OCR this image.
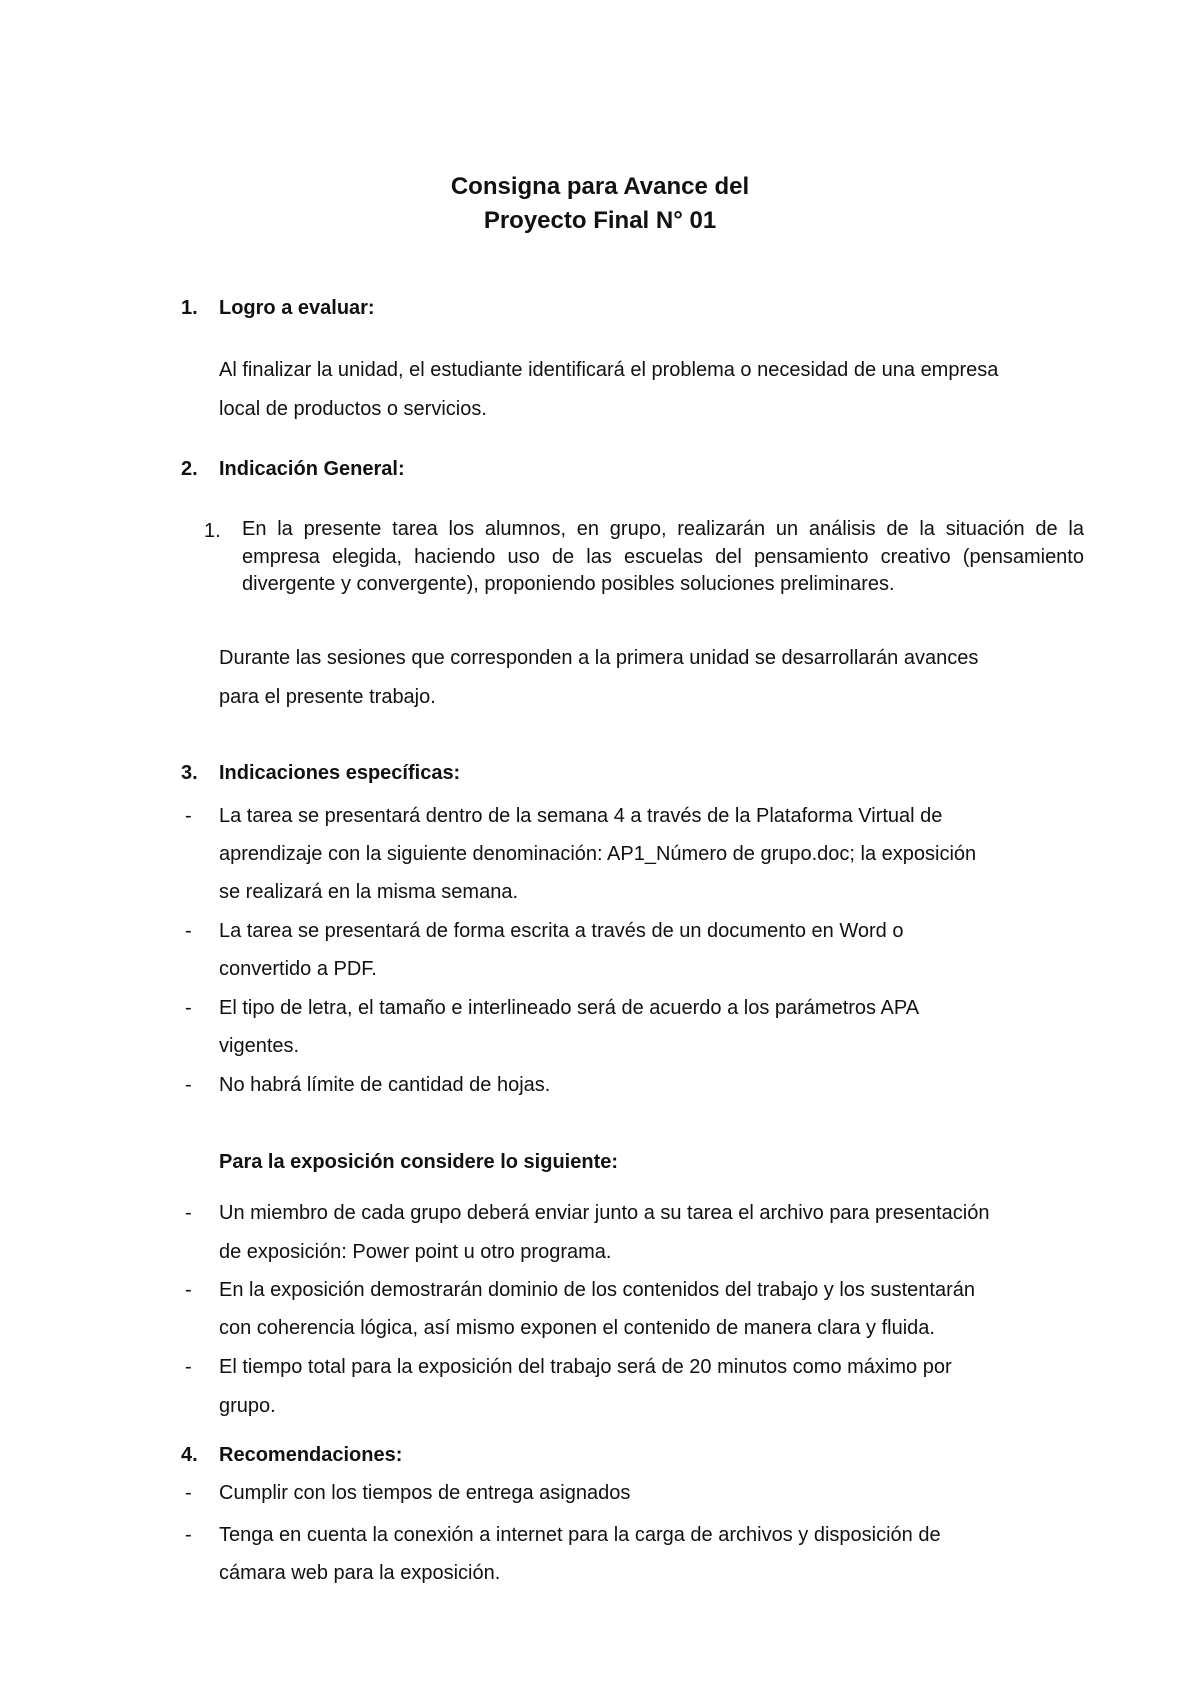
Consigna para Avance del
Proyecto Final N° 01
1. Logro a evaluar:
Al finalizar la unidad, el estudiante identificará el problema o necesidad de una empresa
local de productos o servicios.
2. Indicación General:
1. En la presente tarea los alumnos, en grupo, realizarán un análisis de la situación de la empresa elegida, haciendo uso de las escuelas del pensamiento creativo (pensamiento divergente y convergente), proponiendo posibles soluciones preliminares.
Durante las sesiones que corresponden a la primera unidad se desarrollarán avances
para el presente trabajo.
3. Indicaciones específicas:
- La tarea se presentará dentro de la semana 4 a través de la Plataforma Virtual de
aprendizaje con la siguiente denominación: AP1_Número de grupo.doc; la exposición
se realizará en la misma semana.
- La tarea se presentará de forma escrita a través de un documento en Word o
convertido a PDF.
- El tipo de letra, el tamaño e interlineado será de acuerdo a los parámetros APA
vigentes.
- No habrá límite de cantidad de hojas.
Para la exposición considere lo siguiente:
- Un miembro de cada grupo deberá enviar junto a su tarea el archivo para presentación
de exposición: Power point u otro programa.
- En la exposición demostrarán dominio de los contenidos del trabajo y los sustentarán
con coherencia lógica, así mismo exponen el contenido de manera clara y fluida.
- El tiempo total para la exposición del trabajo será de 20 minutos como máximo por
grupo.
4. Recomendaciones:
- Cumplir con los tiempos de entrega asignados
- Tenga en cuenta la conexión a internet para la carga de archivos y disposición de
cámara web para la exposición.
